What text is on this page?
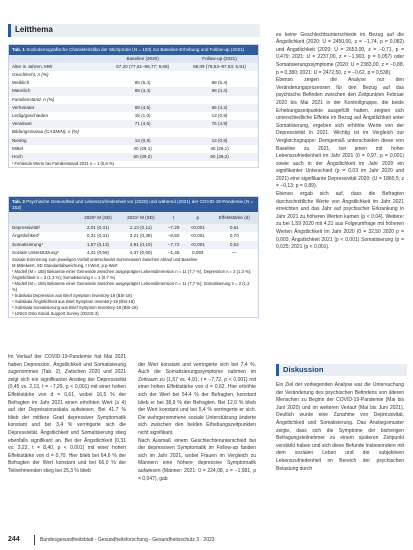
Leitthema
Tab. 1 Soziodemografische Charakteristika der Stichprobe (N = 153) zur Baseline-Erhebung und Follow-up (2021)
	Baseline (2020)	Follow-up (2021)
Alter in Jahren, MW	67,20 (77,61–86,77; 6,68)	88,09 (78,53–97,63; 6,81)
Geschlecht, n (%)		
Weiblich	85 (5,4)	88 (5,4)
Männlich	68 (4,4)	68 (4,4)
Familienstand, n (%)		
Verheiratet	69 (4,5)	66 (4,2)
Ledig/geschieden	15 (1,0)	13 (0,9)
Verwitwet	71 (4,6)	75 (4,9)
Bildungsniveau (CASMIN), n (%)		
Niedrig	13 (0,9)	13 (0,9)
Mittel	40 (26,1)	40 (26,1)
Hoch	60 (39,2)	60 (39,2)
¹ Fehlende Werte bei Familienstand 2021 n = 1 (0,6 %)
Tab. 2 Psychische Gesundheit und Lebenszufriedenheit vor (2020) und während (2021) der COVID-19-Pandemie (N = 153)
	2020¹ M (SD)	2021¹ M (SD)	t	p	Effektstärke (d)
Depressivität²	2,01 (0,31)	2,13 (0,11)	−7,29	<0,001	0,61
Ängstlichkeit³	0,31 (0,31)	3,21 (0,38)	−8,50	<0,001	0,70
Somatisierung⁴	1,57 (0,13)	4,91 (0,10)	−7,72	<0,001	0,62
Soziale Unterstützung⁵	4,41 (0,56)	4,37 (0,60)	−1,45	0,093	—
Soziale Erinnerung zum jeweiligen Vorfall unterscheidet Summenwert zwischen Ablauf und Baseline
M Mittelwert, SD Standardabweichung, t t-Wert, p p-Wert
¹ Modell (M = 155) Bekannte einer Gemeinde zwischen ausgeprägter Lebensdimension n = 11 (7,7 %); Depression n = 2 (1,3 %); Ängstlichkeit n = 3 (1,3 %); Somatisierung n = 1 (0,7 %)
² Modell (M = 155) Bekannte einer Gemeinde zwischen ausgeprägter Lebensdimension n = 11 (7,7 %); Somatisierung n = 2 (1,3 %)
³ Subskala Depression aus Brief Symptom Inventory-18 (BSI-18)
⁴ Subskala Ängstlichkeit aus Brief Symptom Inventory-18 (BSI-18)
⁵ Subskala Somatisierung aus Brief Symptom Inventory-18 (BSI-18)
⁶ LINKS Oslo Social Support Survey (OSSS-3)

Im Verlauf der COVID-19-Pandemie hat Mai 2021 haben Depression, Ängstlichkeit und Somatisierung zugenommen (Tab. 2). Zwischen 2020 und 2021 zeigt sich ein signifikanter Anstieg der Depressivität (0,45 vs. 2,13, t = −7,29, p < 0,001) mit einer hohen Effektstärke von d = 0,61, wobei 16,5 % der Befragten im Jahr 2021 einen erhöhten Wert (≥ 4) auf der Depressionsskala aufwiesen. Bei 41,7 % blieb der mittlere Grad depressiver Symptomatik konstant und bei 3,4 % verringerte sich die Depressivität. Ängstlichkeit und Somatisierung stieg ebenfalls signifikant an. Bei der Ängstlichkeit (0,31 vs. 3,22, t = 8,40, p < 0,001) mit einer hohen Effektstärke von d = 0,70. Hier blieb bei 64,6 % der Befragten der Wert konstant und bei 66,0 % der Teilnehmenden stieg bei 25,3 % blieb

der Wert konstant und verringerte sich bei 7,4 %. Auch die Somatisierungssymptome nahmen im Zeitraum zu (1,57 vs. 4,91, t = −7,72, p < 0,001) mit einer hohen Effektstärke von d = 0,62. Hier erhöhte sich der Wert bei 54,4 % der Befragten, konstant blieb er bei 38,9 % der Befragten. Bei 12,0 % blieb der Wert konstant und bei 5,4 % verringerte er sich. Die wahrgenommene soziale Unterstützung änderte sich zwischen den beiden Erhebungszeitpunkten nicht signifikant.
Nach Ausmaß einem Geschlechterunterschied bei der depressiven Symptomatik im Follow-up fanden sich im Jahr 2021, wobei Frauen im Vergleich zu Männern eine höhere depressive Symptomatik aufwiesen (Männer: 2021: 0 = 224,08, z = −1,981, p = 0,047), gab

es keine Geschlechtsunterschiede im Bezug auf die Ängstlichkeit (2020: U = 2450,00, z = −1,74, p = 0,082) und Angstlichkeit (2020: U = 2653,00, z = −0,71, p = 0,479; 2021: U = 2237,00, z = −1,903, p = 0,057) oder Somatisierungssymptome (2020: U = 2383,00, z = −0,88, p = 0,380; 2021: U = 2472,50, z = −0,62, p = 0,538).
Ebenso zeigen die Analyse nur den Veränderungsprozessen für den Bezug auf das psychische Befinden zwischen den Zeitpunkten Februar 2020 bis Mai 2021 in der Kontrollgruppe, die beide Erhebungszeitpunkte ausgefüllt hatten, zeigten sich unterschiedliche Effekte im Bezug auf Ängstlichkeit unter Somatisierung, ergeben sich erhöhte Werte von der Depressivität in 2021. Wichtig ist im Vergleich zur Vergleichsgruppe: Demgemäß unterschieden diese von Baseline zu 2021, bei jenen mit hoher Lebenszufriedenheit im Jahr 2021 (0 = 0,97, p = 0,001) sowie auch in der Ängstlichkeit im Jahr 2020 ein signifikanter Unterschied (p = 0,03 im Jahr 2020 und 2021) eine signifikante Depressivität 2020: (U = 1860,5; z = −0,13; p = 0,89).
Ebenso ergab sich auf, dass die Befragten durchschnittliche Werte von Ängstlichkeit im Jahr 2021 erreichten und das Jahr auf psychischer Erkrankung in Jahr 2021 zu höheren Werten kamen (p < 0,04). Weitere: zu bei 1,59 2020 mit 4,21 aus Folgeumfrage mit höheren Werten Ängstlichkeit im Jahr 2020 (0 = 32,50 2020 p = 0,003; Ängstlichkeit 2021 (p < 0,001) Somatisierung (p = 0,025; 2021 (p < 0,001).

Diskussion

Ein Ziel der vorliegenden Analyse war die Untersuchung der Veränderung des psychischen Befindens von älteren Menschen zu Beginn der COVID-19-Pandemie (Mai bis Juni 2020) und im weiteren Verlauf (Mai bis Juni 2021). Deutlich wurde eine Zunahme von Depressivität, Ängstlichkeit und Somatisierung. Das Anstiegsmuster zeigte, dass sich die Symptome der bisherigen Befragungsteilnehmer zu einem späteren Zeitpunkt verstärkt haben und sich diese Befunde insbesondere mit dem sozialen Leben und der subjektiven Lebenszufriedenheit im Bereich der psychischen Belastung durch

244	Bundesgesundheitsblatt - Gesundheitsforschung - Gesundheitsschutz 3 · 2023
